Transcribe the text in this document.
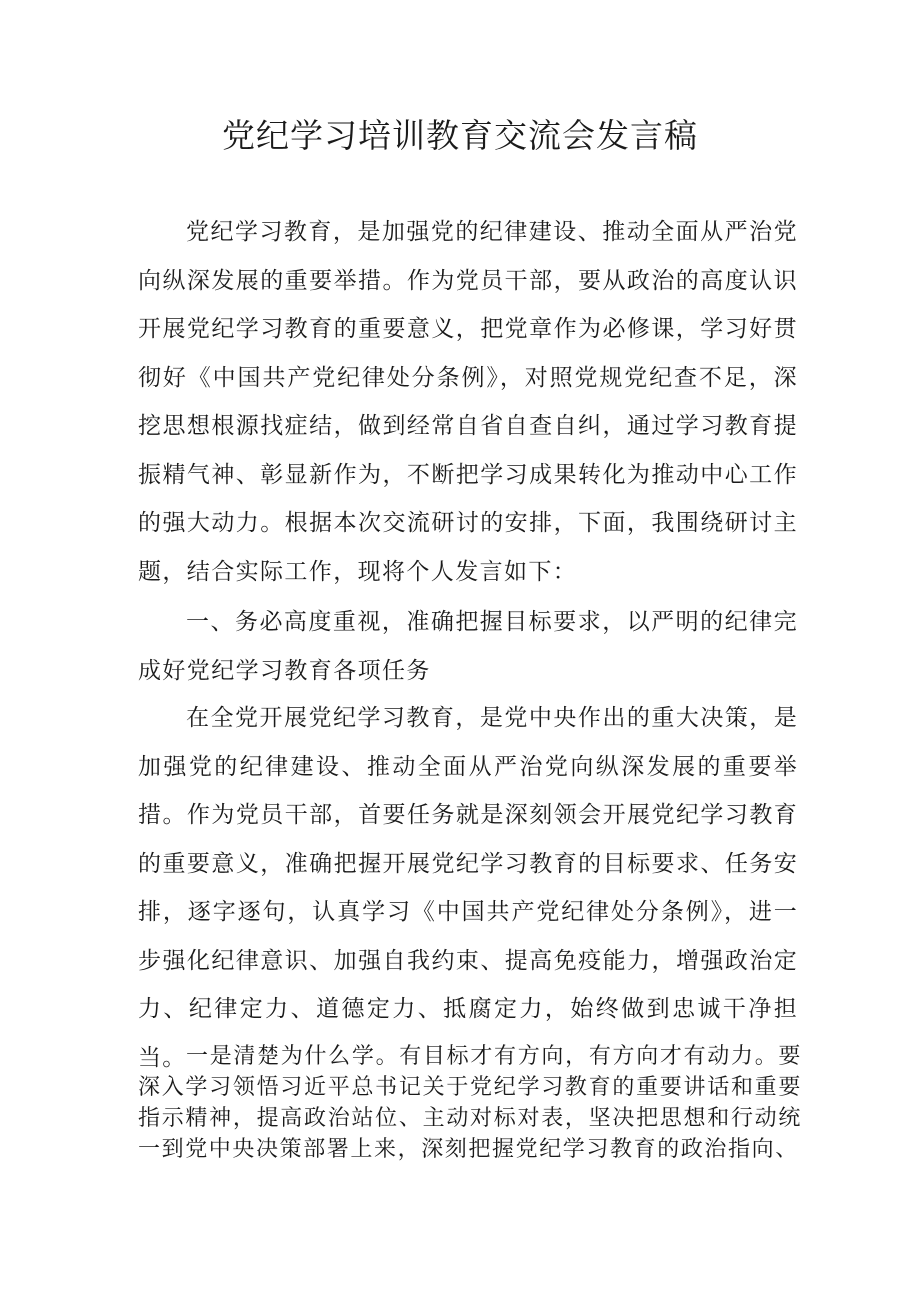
党纪学习培训教育交流会发言稿

党纪学习教育，是加强党的纪律建设、推动全面从严治党向纵深发展的重要举措。作为党员干部，要从政治的高度认识开展党纪学习教育的重要意义，把党章作为必修课，学习好贯彻好《中国共产党纪律处分条例》，对照党规党纪查不足，深挖思想根源找症结，做到经常自省自查自纠，通过学习教育提振精气神、彰显新作为，不断把学习成果转化为推动中心工作的强大动力。根据本次交流研讨的安排，下面，我围绕研讨主题，结合实际工作，现将个人发言如下：

一、务必高度重视，准确把握目标要求，以严明的纪律完成好党纪学习教育各项任务

在全党开展党纪学习教育，是党中央作出的重大决策，是加强党的纪律建设、推动全面从严治党向纵深发展的重要举措。作为党员干部，首要任务就是深刻领会开展党纪学习教育的重要意义，准确把握开展党纪学习教育的目标要求、任务安排，逐字逐句，认真学习《中国共产党纪律处分条例》，进一步强化纪律意识、加强自我约束、提高免疫能力，增强政治定力、纪律定力、道德定力、抵腐定力，始终做到忠诚干净担当。 一是清楚为什么学。有目标才有方向，有方向才有动力。要深入学习领悟习近平总书记关于党纪学习教育的重要讲话和重要指示精神，提高政治站位、主动对标对表，坚决把思想和行动统一到党中央决策部署上来，深刻把握党纪学习教育的政治指向、
